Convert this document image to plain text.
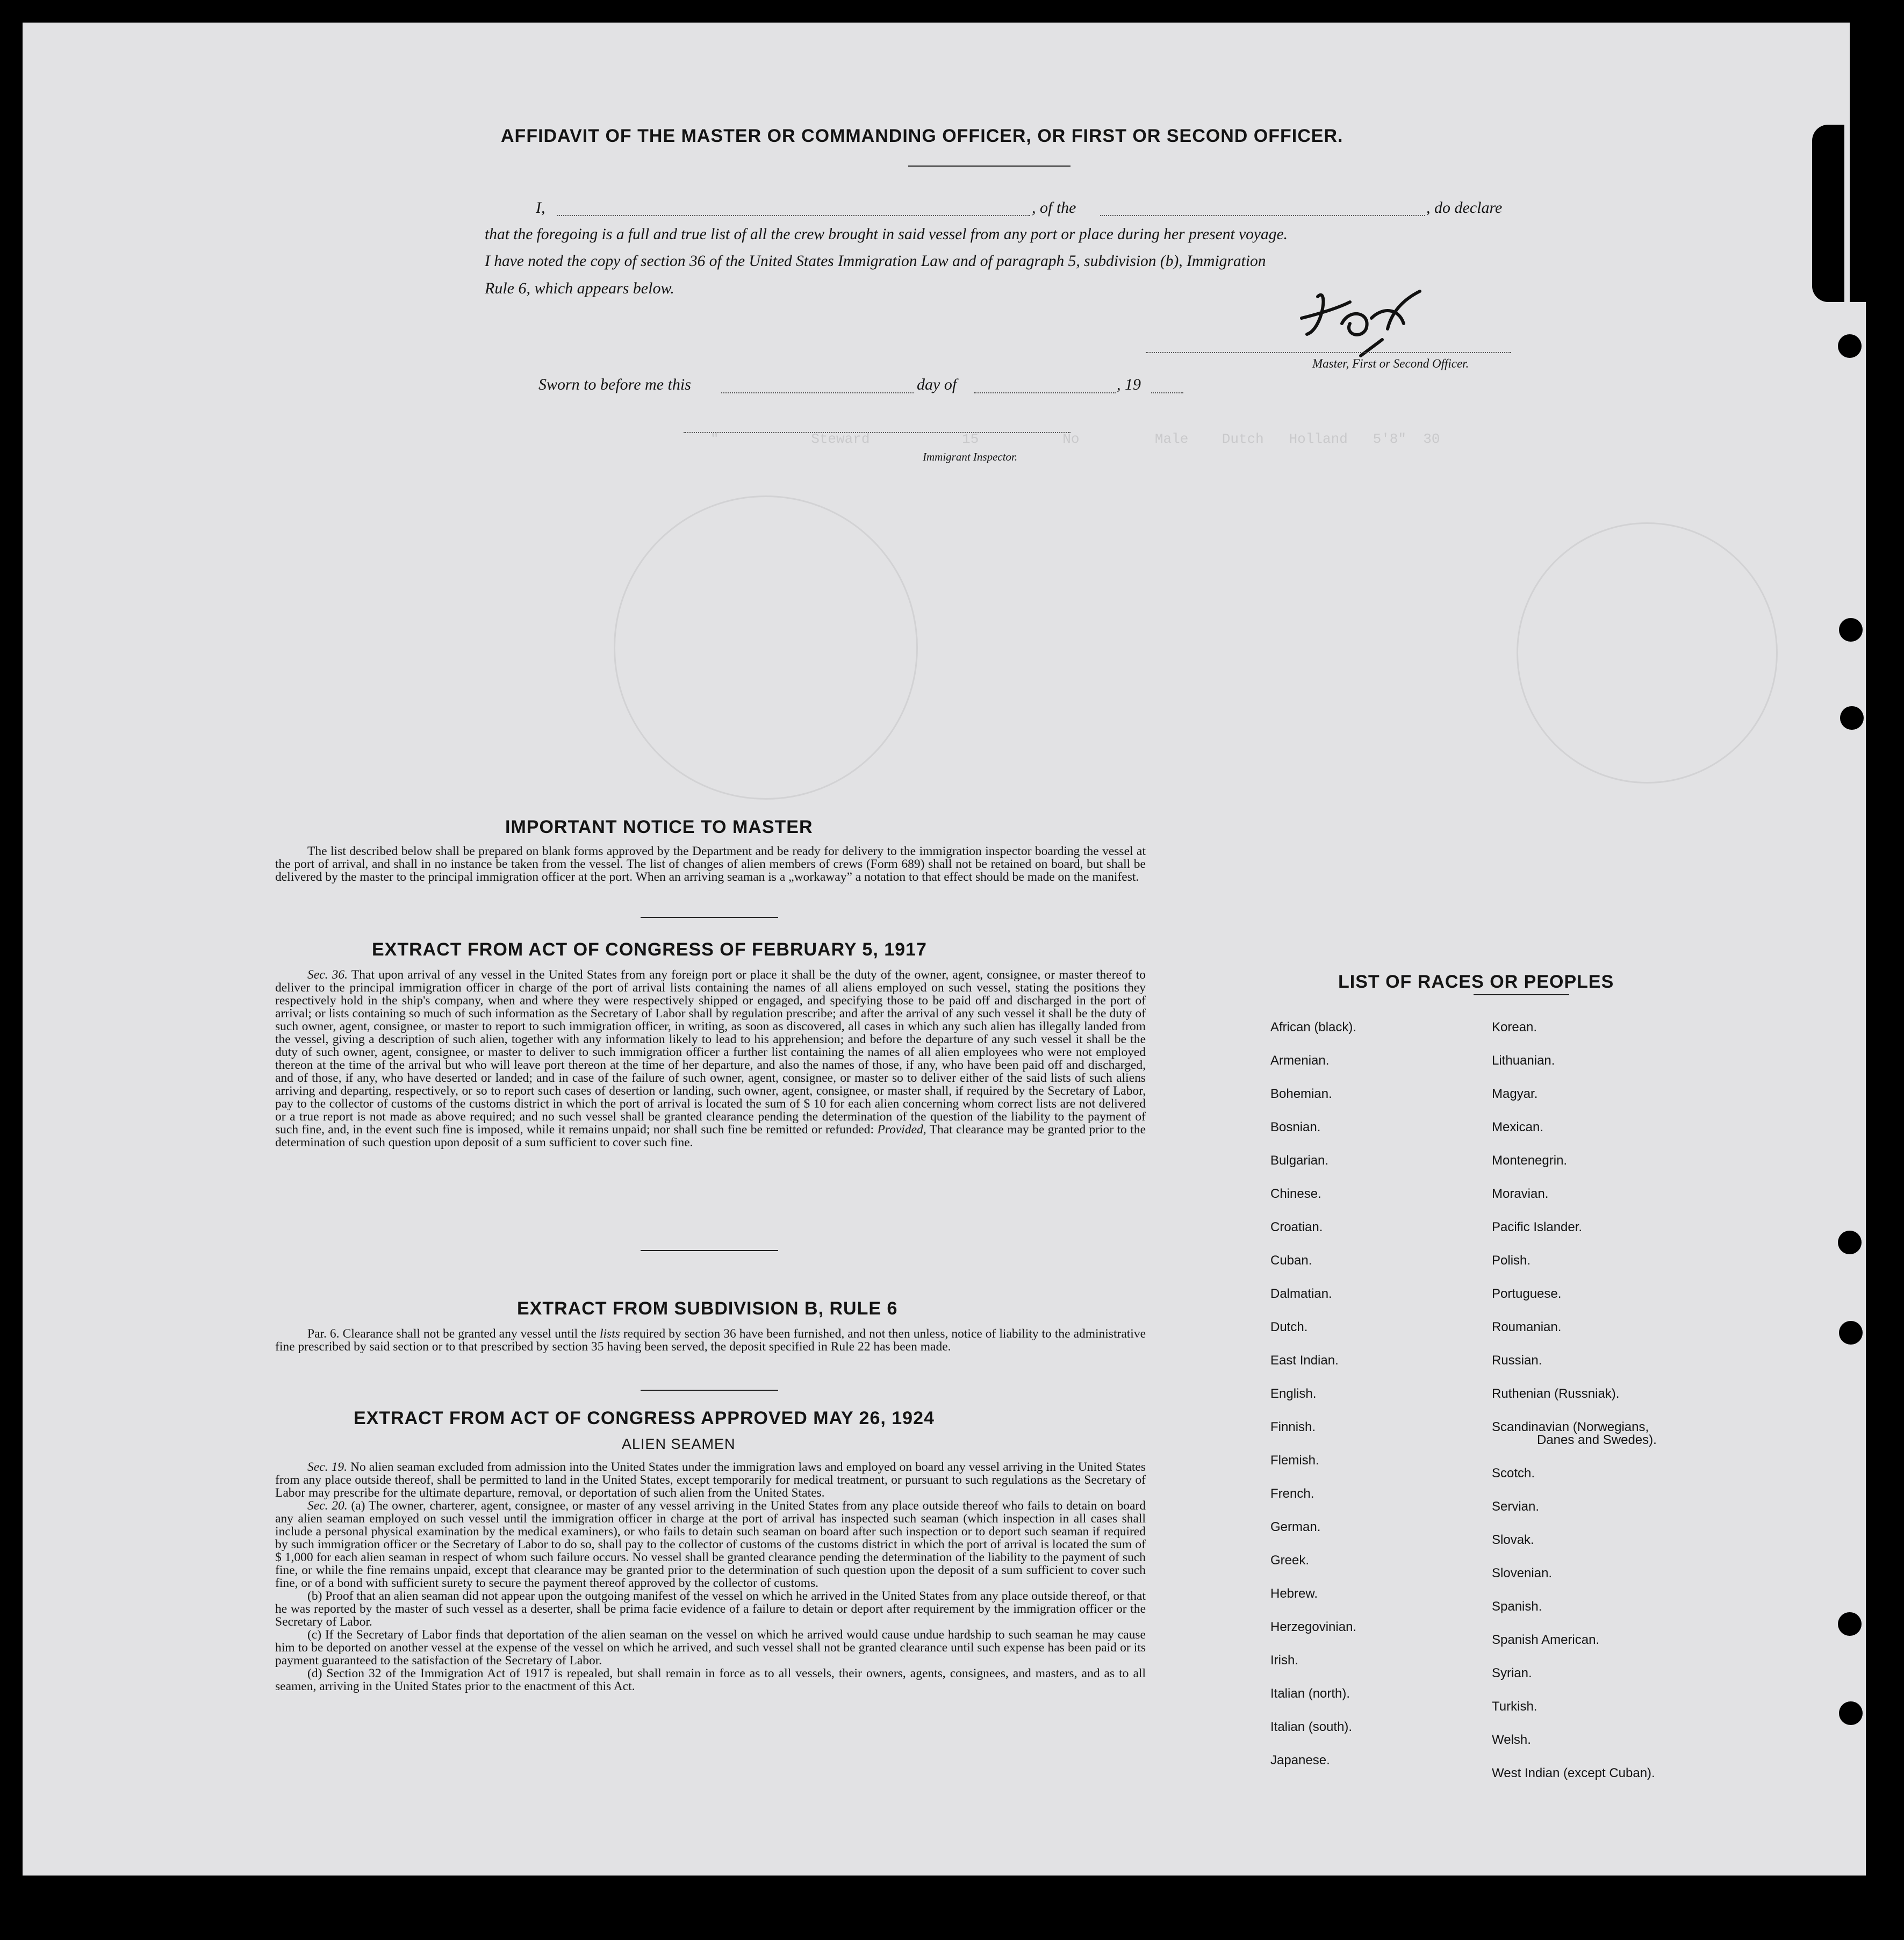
"           Steward           15          No         Male    Dutch   Holland   5'8"  30
AFFIDAVIT OF THE MASTER OR COMMANDING OFFICER, OR FIRST OR SECOND OFFICER.
I,	, of the	, do declare
that the foregoing is a full and true list of all the crew brought in said vessel from any port or place during her present voyage.
I have noted the copy of section 36 of the United States Immigration Law and of paragraph 5, subdivision (b), Immigration
Rule 6, which appears below.
Master, First or Second Officer.
Sworn to before me this	day of	, 19
Immigrant Inspector.
IMPORTANT NOTICE TO MASTER

The list described below shall be prepared on blank forms approved by the Department and be ready for delivery to the immigration inspector boarding the vessel at the port of arrival, and shall in no instance be taken from the vessel. The list of changes of alien members of crews (Form 689) shall not be retained on board, but shall be delivered by the master to the principal immigration officer at the port. When an arriving seaman is a „workaway” a notation to that effect should be made on the manifest.

EXTRACT FROM ACT OF CONGRESS OF FEBRUARY 5, 1917

Sec. 36. That upon arrival of any vessel in the United States from any foreign port or place it shall be the duty of the owner, agent, consignee, or master thereof to deliver to the principal immigration officer in charge of the port of arrival lists containing the names of all aliens employed on such vessel, stating the positions they respectively hold in the ship's company, when and where they were respectively shipped or engaged, and specifying those to be paid off and discharged in the port of arrival; or lists containing so much of such information as the Secretary of Labor shall by regulation prescribe; and after the arrival of any such vessel it shall be the duty of such owner, agent, consignee, or master to report to such immigration officer, in writing, as soon as discovered, all cases in which any such alien has illegally landed from the vessel, giving a description of such alien, together with any information likely to lead to his apprehension; and before the departure of any such vessel it shall be the duty of such owner, agent, consignee, or master to deliver to such immigration officer a further list containing the names of all alien employees who were not employed thereon at the time of the arrival but who will leave port thereon at the time of her departure, and also the names of those, if any, who have been paid off and discharged, and of those, if any, who have deserted or landed; and in case of the failure of such owner, agent, consignee, or master so to deliver either of the said lists of such aliens arriving and departing, respectively, or so to report such cases of desertion or landing, such owner, agent, consignee, or master shall, if required by the Secretary of Labor, pay to the collector of customs of the customs district in which the port of arrival is located the sum of $ 10 for each alien concerning whom correct lists are not delivered or a true report is not made as above required; and no such vessel shall be granted clearance pending the determination of the question of the liability to the payment of such fine, and, in the event such fine is imposed, while it remains unpaid; nor shall such fine be remitted or refunded: Provided, That clearance may be granted prior to the determination of such question upon deposit of a sum sufficient to cover such fine.

EXTRACT FROM SUBDIVISION B, RULE 6

Par. 6. Clearance shall not be granted any vessel until the lists required by section 36 have been furnished, and not then unless, notice of liability to the administrative fine prescribed by said section or to that prescribed by section 35 having been served, the deposit specified in Rule 22 has been made.

EXTRACT FROM ACT OF CONGRESS APPROVED MAY 26, 1924
ALIEN SEAMEN

Sec. 19. No alien seaman excluded from admission into the United States under the immigration laws and employed on board any vessel arriving in the United States from any place outside thereof, shall be permitted to land in the United States, except temporarily for medical treatment, or pursuant to such regulations as the Secretary of Labor may prescribe for the ultimate departure, removal, or deportation of such alien from the United States.

Sec. 20. (a) The owner, charterer, agent, consignee, or master of any vessel arriving in the United States from any place outside thereof who fails to detain on board any alien seaman employed on such vessel until the immigration officer in charge at the port of arrival has inspected such seaman (which inspection in all cases shall include a personal physical examination by the medical examiners), or who fails to detain such seaman on board after such inspection or to deport such seaman if required by such immigration officer or the Secretary of Labor to do so, shall pay to the collector of customs of the customs district in which the port of arrival is located the sum of $ 1,000 for each alien seaman in respect of whom such failure occurs. No vessel shall be granted clearance pending the determination of the liability to the payment of such fine, or while the fine remains unpaid, except that clearance may be granted prior to the determination of such question upon the deposit of a sum sufficient to cover such fine, or of a bond with sufficient surety to secure the payment thereof approved by the collector of customs.

(b) Proof that an alien seaman did not appear upon the outgoing manifest of the vessel on which he arrived in the United States from any place outside thereof, or that he was reported by the master of such vessel as a deserter, shall be prima facie evidence of a failure to detain or deport after requirement by the immigration officer or the Secretary of Labor.

(c) If the Secretary of Labor finds that deportation of the alien seaman on the vessel on which he arrived would cause undue hardship to such seaman he may cause him to be deported on another vessel at the expense of the vessel on which he arrived, and such vessel shall not be granted clearance until such expense has been paid or its payment guaranteed to the satisfaction of the Secretary of Labor.

(d) Section 32 of the Immigration Act of 1917 is repealed, but shall remain in force as to all vessels, their owners, agents, consignees, and masters, and as to all seamen, arriving in the United States prior to the enactment of this Act.

LIST OF RACES OR PEOPLES
African (black).
Armenian.
Bohemian.
Bosnian.
Bulgarian.
Chinese.
Croatian.
Cuban.
Dalmatian.
Dutch.
East Indian.
English.
Finnish.
Flemish.
French.
German.
Greek.
Hebrew.
Herzegovinian.
Irish.
Italian (north).
Italian (south).
Japanese.
Korean.
Lithuanian.
Magyar.
Mexican.
Montenegrin.
Moravian.
Pacific Islander.
Polish.
Portuguese.
Roumanian.
Russian.
Ruthenian (Russniak).
Scandinavian (Norwegians,
Danes and Swedes).
Scotch.
Servian.
Slovak.
Slovenian.
Spanish.
Spanish American.
Syrian.
Turkish.
Welsh.
West Indian (except Cuban).
